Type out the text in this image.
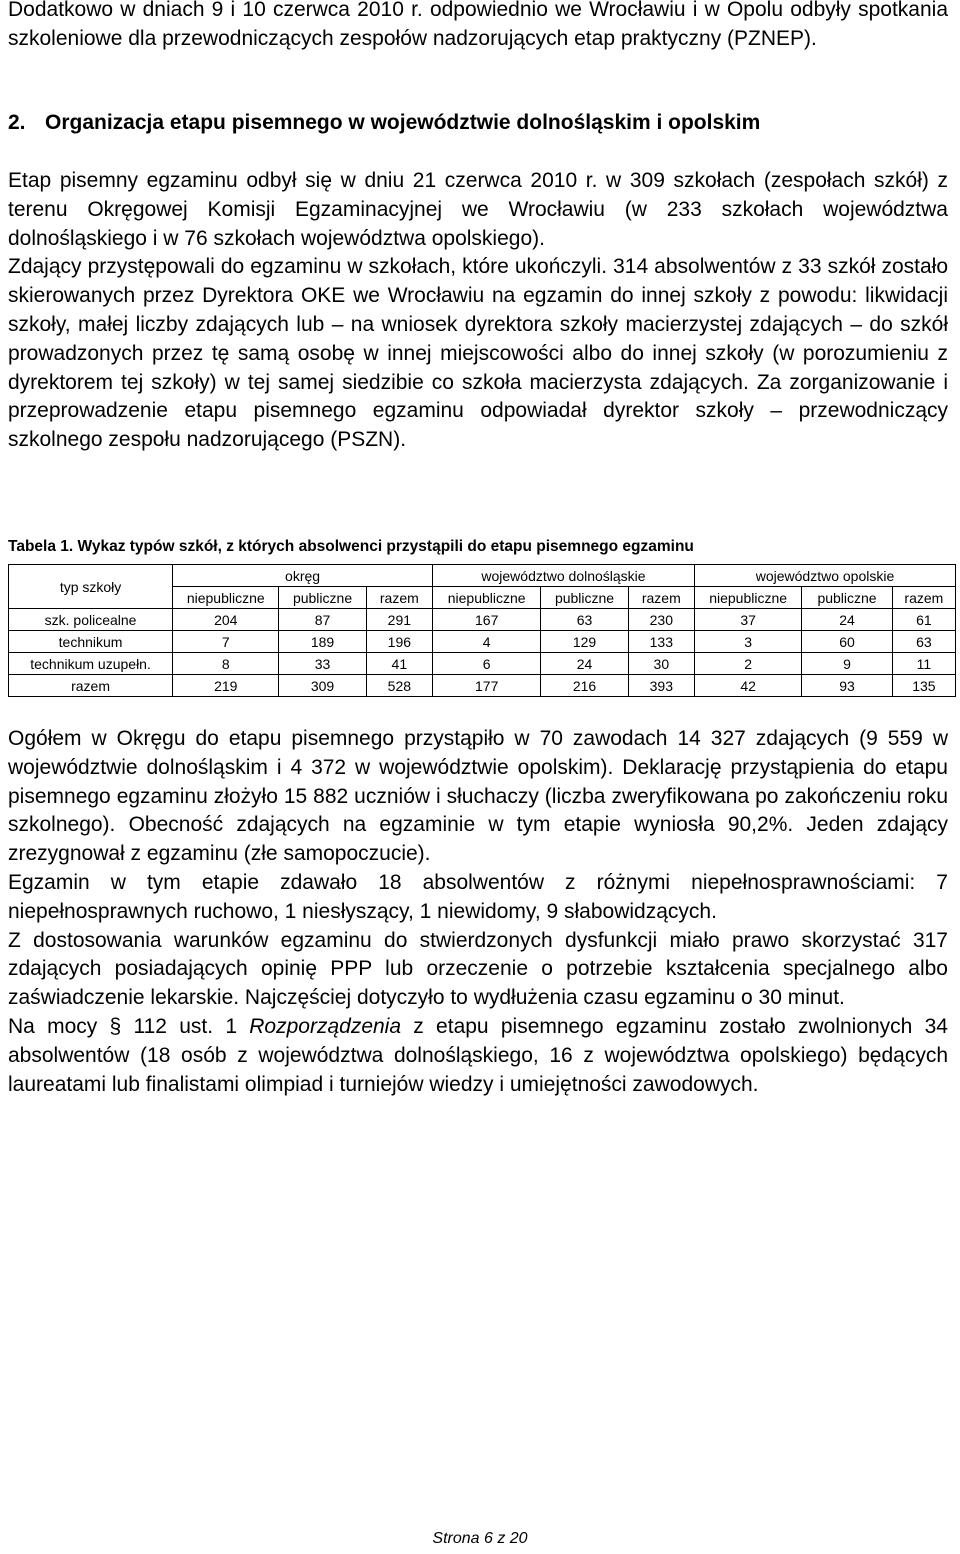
Dodatkowo w dniach 9 i 10 czerwca 2010 r. odpowiednio we Wrocławiu i w Opolu odbyły spotkania szkoleniowe dla przewodniczących zespołów nadzorujących etap praktyczny (PZNEP).

2. Organizacja etapu pisemnego w województwie dolnośląskim i opolskim

Etap pisemny egzaminu odbył się w dniu 21 czerwca 2010 r. w 309 szkołach (zespołach szkół) z terenu Okręgowej Komisji Egzaminacyjnej we Wrocławiu (w 233 szkołach województwa dolnośląskiego i w 76 szkołach województwa opolskiego).

Zdający przystępowali do egzaminu w szkołach, które ukończyli. 314 absolwentów z 33 szkół zostało skierowanych przez Dyrektora OKE we Wrocławiu na egzamin do innej szkoły z powodu: likwidacji szkoły, małej liczby zdających lub – na wniosek dyrektora szkoły macierzystej zdających – do szkół prowadzonych przez tę samą osobę w innej miejscowości albo do innej szkoły (w porozumieniu z dyrektorem tej szkoły) w tej samej siedzibie co szkoła macierzysta zdających. Za zorganizowanie i przeprowadzenie etapu pisemnego egzaminu odpowiadał dyrektor szkoły – przewodniczący szkolnego zespołu nadzorującego (PSZN).

Tabela 1. Wykaz typów szkół, z których absolwenci przystąpili do etapu pisemnego egzaminu

typ szkoły	okręg			województwo dolnośląskie			województwo opolskie		
	niepubliczne	publiczne	razem	niepubliczne	publiczne	razem	niepubliczne	publiczne	razem
szk. policealne	204	87	291	167	63	230	37	24	61
technikum	7	189	196	4	129	133	3	60	63
technikum uzupełn.	8	33	41	6	24	30	2	9	11
razem	219	309	528	177	216	393	42	93	135

Ogółem w Okręgu do etapu pisemnego przystąpiło w 70 zawodach 14 327 zdających (9 559 w województwie dolnośląskim i 4 372 w województwie opolskim). Deklarację przystąpienia do etapu pisemnego egzaminu złożyło 15 882 uczniów i słuchaczy (liczba zweryfikowana po zakończeniu roku szkolnego). Obecność zdających na egzaminie w tym etapie wyniosła 90,2%. Jeden zdający zrezygnował z egzaminu (złe samopoczucie).

Egzamin w tym etapie zdawało 18 absolwentów z różnymi niepełnosprawnościami: 7 niepełnosprawnych ruchowo, 1 niesłyszący, 1 niewidomy, 9 słabowidzących.

Z dostosowania warunków egzaminu do stwierdzonych dysfunkcji miało prawo skorzystać 317 zdających posiadających opinię PPP lub orzeczenie o potrzebie kształcenia specjalnego albo zaświadczenie lekarskie. Najczęściej dotyczyło to wydłużenia czasu egzaminu o 30 minut.

Na mocy § 112 ust. 1 Rozporządzenia z etapu pisemnego egzaminu zostało zwolnionych 34 absolwentów (18 osób z województwa dolnośląskiego, 16 z województwa opolskiego) będących laureatami lub finalistami olimpiad i turniejów wiedzy i umiejętności zawodowych.

Strona 6 z 20
